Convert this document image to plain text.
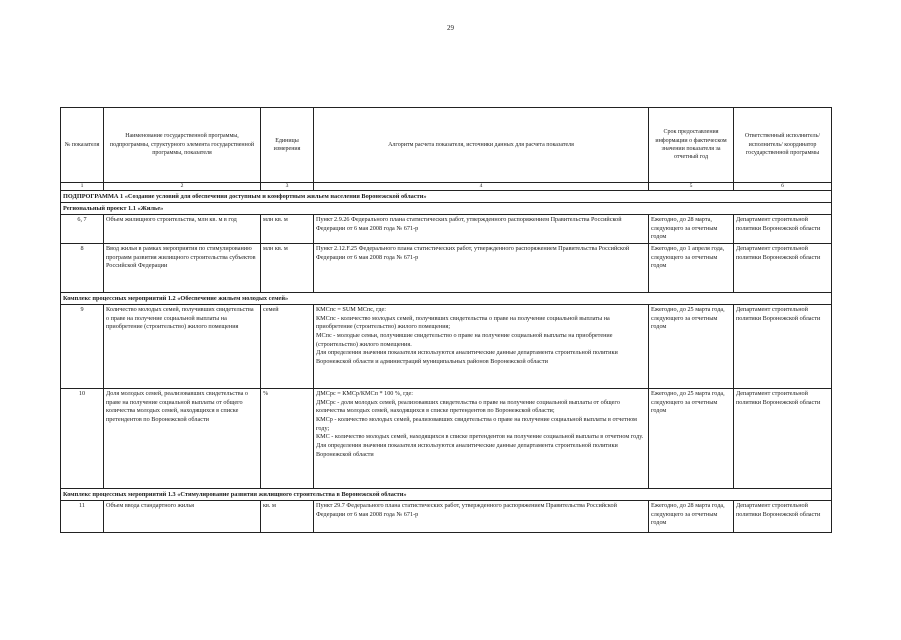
29
№ показателя	Наименование государственной программы, подпрограммы, структурного элемента государственной программы, показателя	Единицы измерения	Алгоритм расчета показателя, источники данных для расчета показателя	Срок предоставления информации о фактическом значении показателя за отчетный год	Ответственный исполнитель/исполнитель/ координатор государственной программы
1	2	3	4	5	6
ПОДПРОГРАММА 1 «Создание условий для обеспечения доступным и комфортным жильем населения Воронежской области»					
Региональный проект 1.1 «Жилье»					
6, 7	Объем жилищного строительства, млн кв. м в год	млн кв. м	Пункт 2.9.26 Федерального плана статистических работ, утвержденного распоряжением Правительства Российской Федерации от 6 мая 2008 года № 671-р	Ежегодно, до 28 марта, следующего за отчетным годом	Департамент строительной политики Воронежской области
8	Ввод жилья в рамках мероприятия по стимулированию программ развития жилищного строительства субъектов Российской Федерации	млн кв. м	Пункт 2.12.F.25 Федерального плана статистических работ, утвержденного распоряжением Правительства Российской Федерации от 6 мая 2008 года № 671-р	Ежегодно, до 1 апреля года, следующего за отчетным годом	Департамент строительной политики Воронежской области
Комплекс процессных мероприятий 1.2 «Обеспечение жильем молодых семей»					
9	Количество молодых семей, получивших свидетельства о праве на получение социальной выплаты на приобретение (строительство) жилого помещения	семей	КМСпс = SUM МСпс, где:
КМСпс - количество молодых семей, получивших свидетельства о праве на получение социальной выплаты на приобретение (строительство) жилого помещения;
МСпс - молодые семьи, получившие свидетельство о праве на получение социальной выплаты на приобретение (строительство) жилого помещения.
Для определения значения показателя используются аналитические данные департамента строительной политики Воронежской области и администраций муниципальных районов Воронежской области	Ежегодно, до 25 марта года, следующего за отчетным годом	Департамент строительной политики Воронежской области
10	Доля молодых семей, реализовавших свидетельства о праве на получение социальной выплаты от общего количества молодых семей, находящихся в списке претендентов по Воронежской области	%	ДМСрс = КМСр/КМСп * 100 %, где:
ДМСрс - доля молодых семей, реализовавших свидетельства о праве на получение социальной выплаты от общего количества молодых семей, находящихся в списке претендентов по Воронежской области;
КМСр - количество молодых семей, реализовавших свидетельства о праве на получение социальной выплаты в отчетном году;
КМС - количество молодых семей, находящихся в списке претендентов на получение социальной выплаты в отчетном году.
Для определения значения показателя используются аналитические данные департамента строительной политики Воронежской области	Ежегодно, до 25 марта года, следующего за отчетным годом	Департамент строительной политики Воронежской области
Комплекс процессных мероприятий 1.3 «Стимулирование развития жилищного строительства в Воронежской области»					
11	Объем ввода стандартного жилья	кв. м	Пункт 29.7 Федерального плана статистических работ, утвержденного распоряжением Правительства Российской Федерации от 6 мая 2008 года № 671-р	Ежегодно, до 28 марта года, следующего за отчетным годом	Департамент строительной политики Воронежской области
